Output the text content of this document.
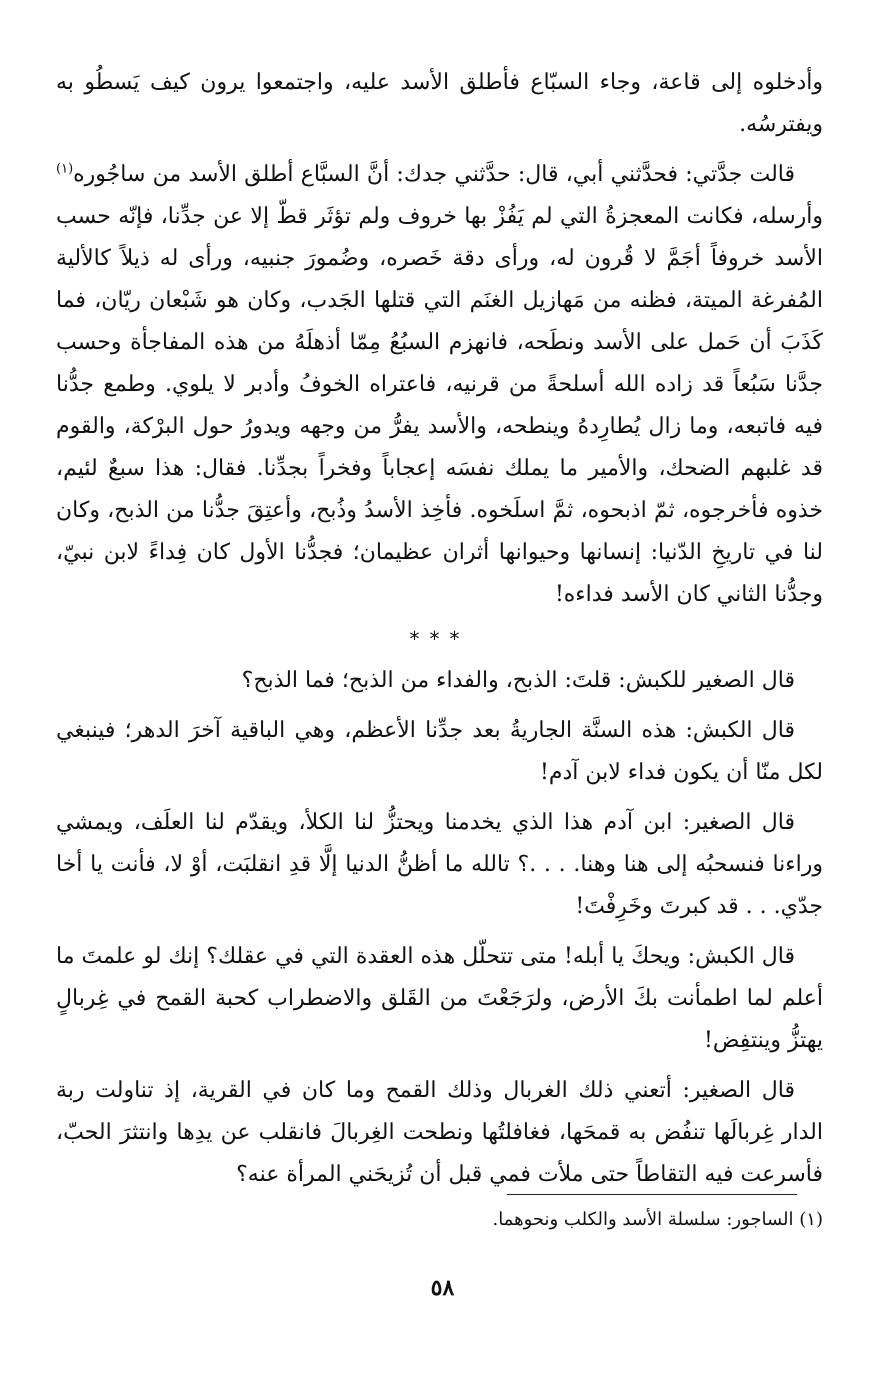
وأدخلوه إلى قاعة، وجاء السبّاع فأطلق الأسد عليه، واجتمعوا يرون كيف يَسطُو به ويفترسُه.

قالت جدَّتي: فحدَّثني أبي، قال: حدَّثني جدك: أنَّ السبَّاع أطلق الأسد من ساجُوره$^{(١)}$ وأرسله، فكانت المعجزةُ التي لم يَفُزْ بها خروف ولم تؤثَر قطّ إلا عن جدِّنا، فإنّه حسب الأسد خروفاً أجَمَّ لا قُرون له، ورأى دقة خَصره، وضُمورَ جنبيه، ورأى له ذيلاً كالألية المُفرغة الميتة، فظنه من مَهازيل الغنَم التي قتلها الجَدب، وكان هو شَبْعان ريّان، فما كَذَبَ أن حَمل على الأسد ونطَحه، فانهزم السبُعُ مِمّا أذهلَهُ من هذه المفاجأة وحسب جدَّنا سَبُعاً قد زاده الله أسلحةً من قرنيه، فاعتراه الخوفُ وأدبر لا يلوي. وطمع جدُّنا فيه فاتبعه، وما زال يُطارِدهُ وينطحه، والأسد يفرُّ من وجهه ويدورُ حول البرْكة، والقوم قد غلبهم الضحك، والأمير ما يملك نفسَه إعجاباً وفخراً بجدِّنا. فقال: هذا سبعٌ لئيم، خذوه فأخرجوه، ثمّ اذبحوه، ثمَّ اسلَخوه. فأخِذ الأسدُ وذُبح، وأعتِقَ جدُّنا من الذبح، وكان لنا في تاريخِ الدّنيا: إنسانها وحيوانها أثران عظيمان؛ فجدُّنا الأول كان فِداءً لابن نبيّ، وجدُّنا الثاني كان الأسد فداءه!

***

قال الصغير للكبش: قلتَ: الذبح، والفداء من الذبح؛ فما الذبح؟

قال الكبش: هذه السنَّة الجاريةُ بعد جدِّنا الأعظم، وهي الباقية آخرَ الدهر؛ فينبغي لكل منّا أن يكون فداء لابن آدم!

قال الصغير: ابن آدم هذا الذي يخدمنا ويحتزُّ لنا الكلأ، ويقدّم لنا العلَف، ويمشي وراءنا فنسحبُه إلى هنا وهنا. . . .؟ تالله ما أظنُّ الدنيا إلَّا قدِ انقلبَت، أوْ لا، فأنت يا أخا جدّي. . . قد كبرتَ وخَرِفْتَ!

قال الكبش: ويحكَ يا أبله! متى تتحلّل هذه العقدة التي في عقلك؟ إنك لو علمتَ ما أعلم لما اطمأنت بكَ الأرض، ولرَجَعْتَ من القَلق والاضطراب كحبة القمح في غِربالٍ يهتزُّ وينتفِض!

قال الصغير: أتعني ذلك الغربال وذلك القمح وما كان في القرية، إذ تناولت ربة الدار غِربالَها تنفُض به قمحَها، فغافلتُها ونطحت الغِربالَ فانقلب عن يدِها وانتثرَ الحبّ، فأسرعت فيه التقاطاً حتى ملأت فمي قبل أن تُزيحَني المرأة عنه؟

(١) الساجور: سلسلة الأسد والكلب ونحوهما.
٥٨
